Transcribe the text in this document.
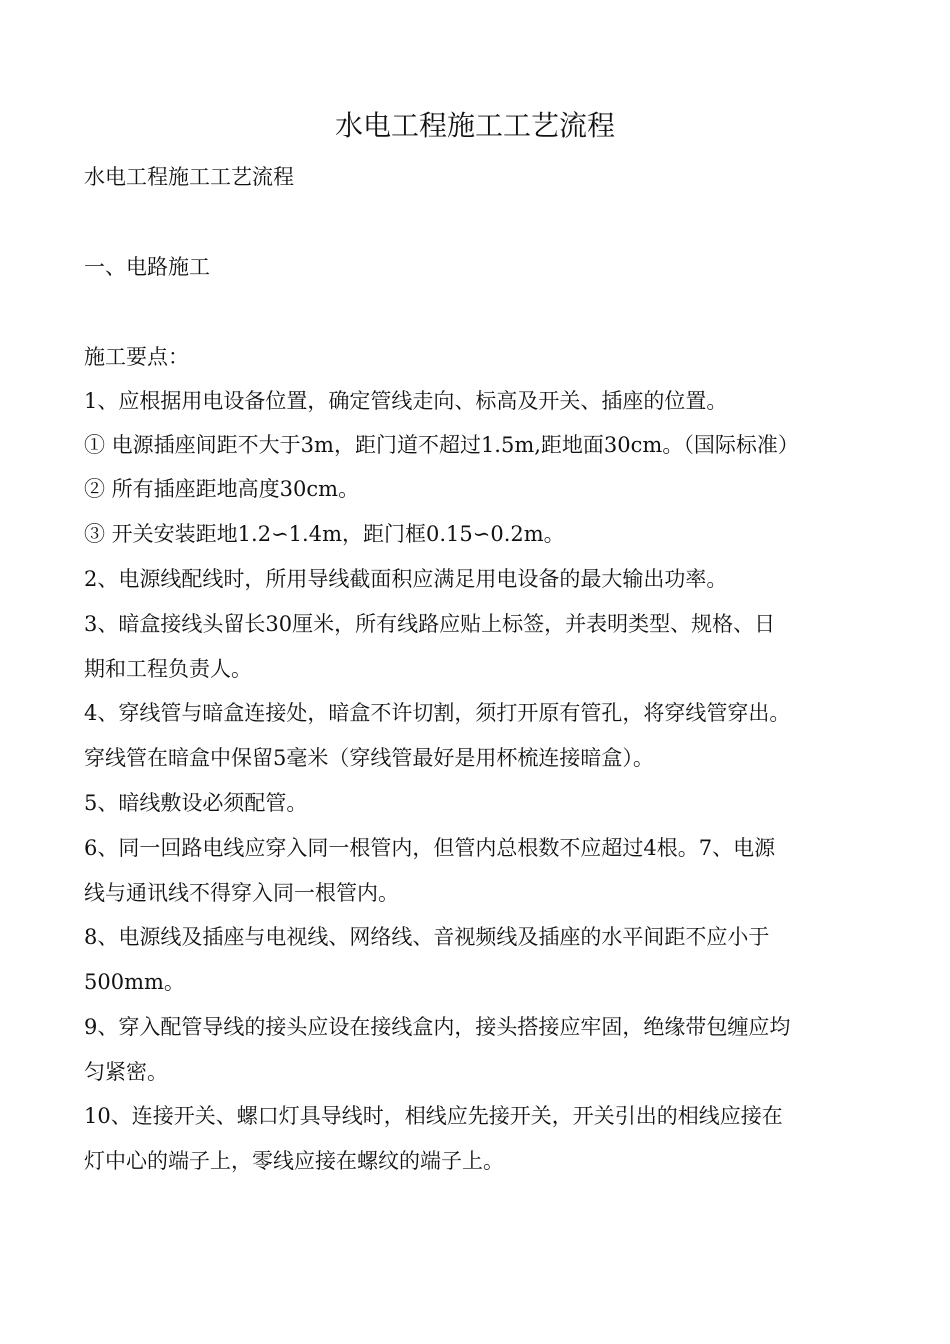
水电工程施工工艺流程
水电工程施工工艺流程
一、电路施工
施工要点：
1、应根据用电设备位置，确定管线走向、标高及开关、插座的位置。
① 电源插座间距不大于3m，距门道不超过1.5m,距地面30cm。（国际标准）
② 所有插座距地高度30cm。
③ 开关安装距地1.2∽1.4m，距门框0.15∽0.2m。
2、电源线配线时，所用导线截面积应满足用电设备的最大输出功率。
3、暗盒接线头留长30厘米，所有线路应贴上标签，并表明类型、规格、日
期和工程负责人。
4、穿线管与暗盒连接处，暗盒不许切割，须打开原有管孔，将穿线管穿出。
穿线管在暗盒中保留5毫米（穿线管最好是用杯梳连接暗盒）。
5、暗线敷设必须配管。
6、同一回路电线应穿入同一根管内，但管内总根数不应超过4根。7、电源
线与通讯线不得穿入同一根管内。
8、电源线及插座与电视线、网络线、音视频线及插座的水平间距不应小于
500mm。
9、穿入配管导线的接头应设在接线盒内，接头搭接应牢固，绝缘带包缠应均
匀紧密。
10、连接开关、螺口灯具导线时，相线应先接开关，开关引出的相线应接在
灯中心的端子上，零线应接在螺纹的端子上。
